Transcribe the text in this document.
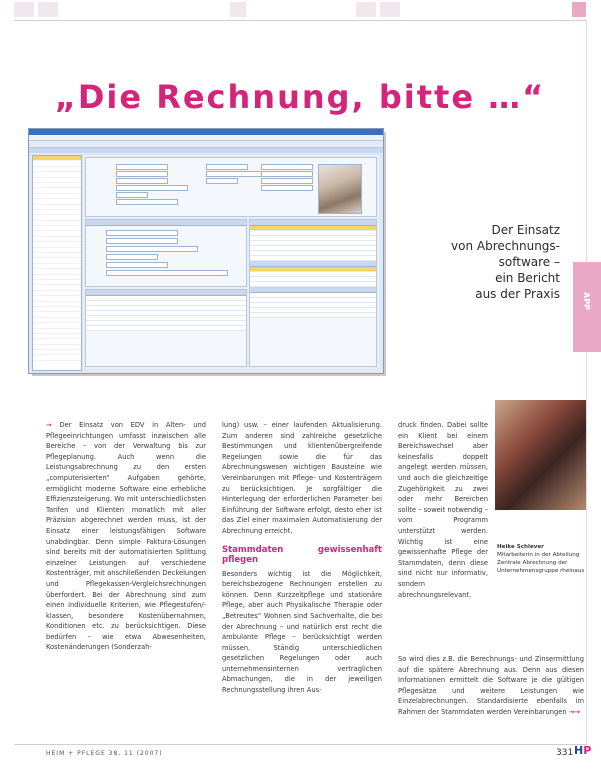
„Die Rechnung, bitte …“
Der Einsatz
von Abrechnungs-
software –
ein Bericht
aus der Praxis	APP

→ Der Einsatz von EDV in Alten- und Pflegeeinrichtungen umfasst inzwischen alle Bereiche – von der Verwaltung bis zur Pflegeplanung. Auch wenn die Leistungsabrechnung zu den ersten „computerisierten“ Aufgaben gehörte, ermöglicht moderne Software eine erhebliche Effizienzsteigerung. Wo mit unterschiedlichsten Tarifen und Klienten monatlich mit aller Präzision abgerechnet werden muss, ist der Einsatz einer leistungsfähigen Software unabdingbar. Denn simple Faktura-Lösungen sind bereits mit der automatisierten Splittung einzelner Leistungen auf verschiedene Kostenträger, mit anschließenden Deckelungen und Pflegekassen-Vergleichsrechnungen überfordert. Bei der Abrechnung sind zum einen individuelle Kriterien, wie Pflegestufen/-klassen, besondere Kostenübernahmen, Konditionen etc. zu berücksichtigen. Diese bedürfen – wie etwa Abwesenheiten, Kostenänderungen (Sonderzah-

lung) usw. – einer laufenden Aktualisierung. Zum anderen sind zahlreiche gesetzliche Bestimmungen und klientenübergreifende Regelungen sowie die für das Abrechnungswesen wichtigen Bausteine wie Vereinbarungen mit Pflege- und Kostenträgern zu berücksichtigen. Je sorgfältiger die Hinterlegung der erforderlichen Parameter bei Einführung der Software erfolgt, desto eher ist das Ziel einer maximalen Automatisierung der Abrechnung erreicht.

Stammdaten gewissenhaft pflegen

Besonders wichtig ist die Möglichkeit, bereichsbezogene Rechnungen erstellen zu können. Denn Kurzzeitpflege und stationäre Pflege, aber auch Physikalische Therapie oder „Betreutes“ Wohnen sind Sachverhalte, die bei der Abrechnung – und natürlich erst recht die ambulante Pflege – berücksichtigt werden müssen. Ständig unterschiedlichen gesetzlichen Regelungen oder auch unternehmensinternen vertraglichen Abmachungen, die in der jeweiligen Rechnungsstellung ihren Aus-

druck finden. Dabei sollte ein Klient bei einem Bereichswechsel aber keinesfalls doppelt angelegt werden müssen, und auch die gleichzeitige Zugehörigkeit zu zwei oder mehr Bereichen sollte – soweit notwendig – vom Programm unterstützt werden. Wichtig ist eine gewissenhafte Pflege der Stammdaten, denn diese sind nicht nur informativ, sondern abrechnungsrelevant.

So wird dies z.B. die Berechnungs- und Zinsermittlung auf die spätere Abrechnung aus. Denn aus diesen Informationen ermittelt die Software je die gültigen Pflegesätze und weitere Leistungen wie Einzelabrechnungen. Standardisierte ebenfalls im Rahmen der Stammdaten werden Vereinbarungen →→

Heike Schlever
Mitarbeiterin in der Abteilung Zentrale Abrechnung der Unternehmensgruppe rheinaus
HEIM + PFLEGE 38, 11 (2007)	331 HP
